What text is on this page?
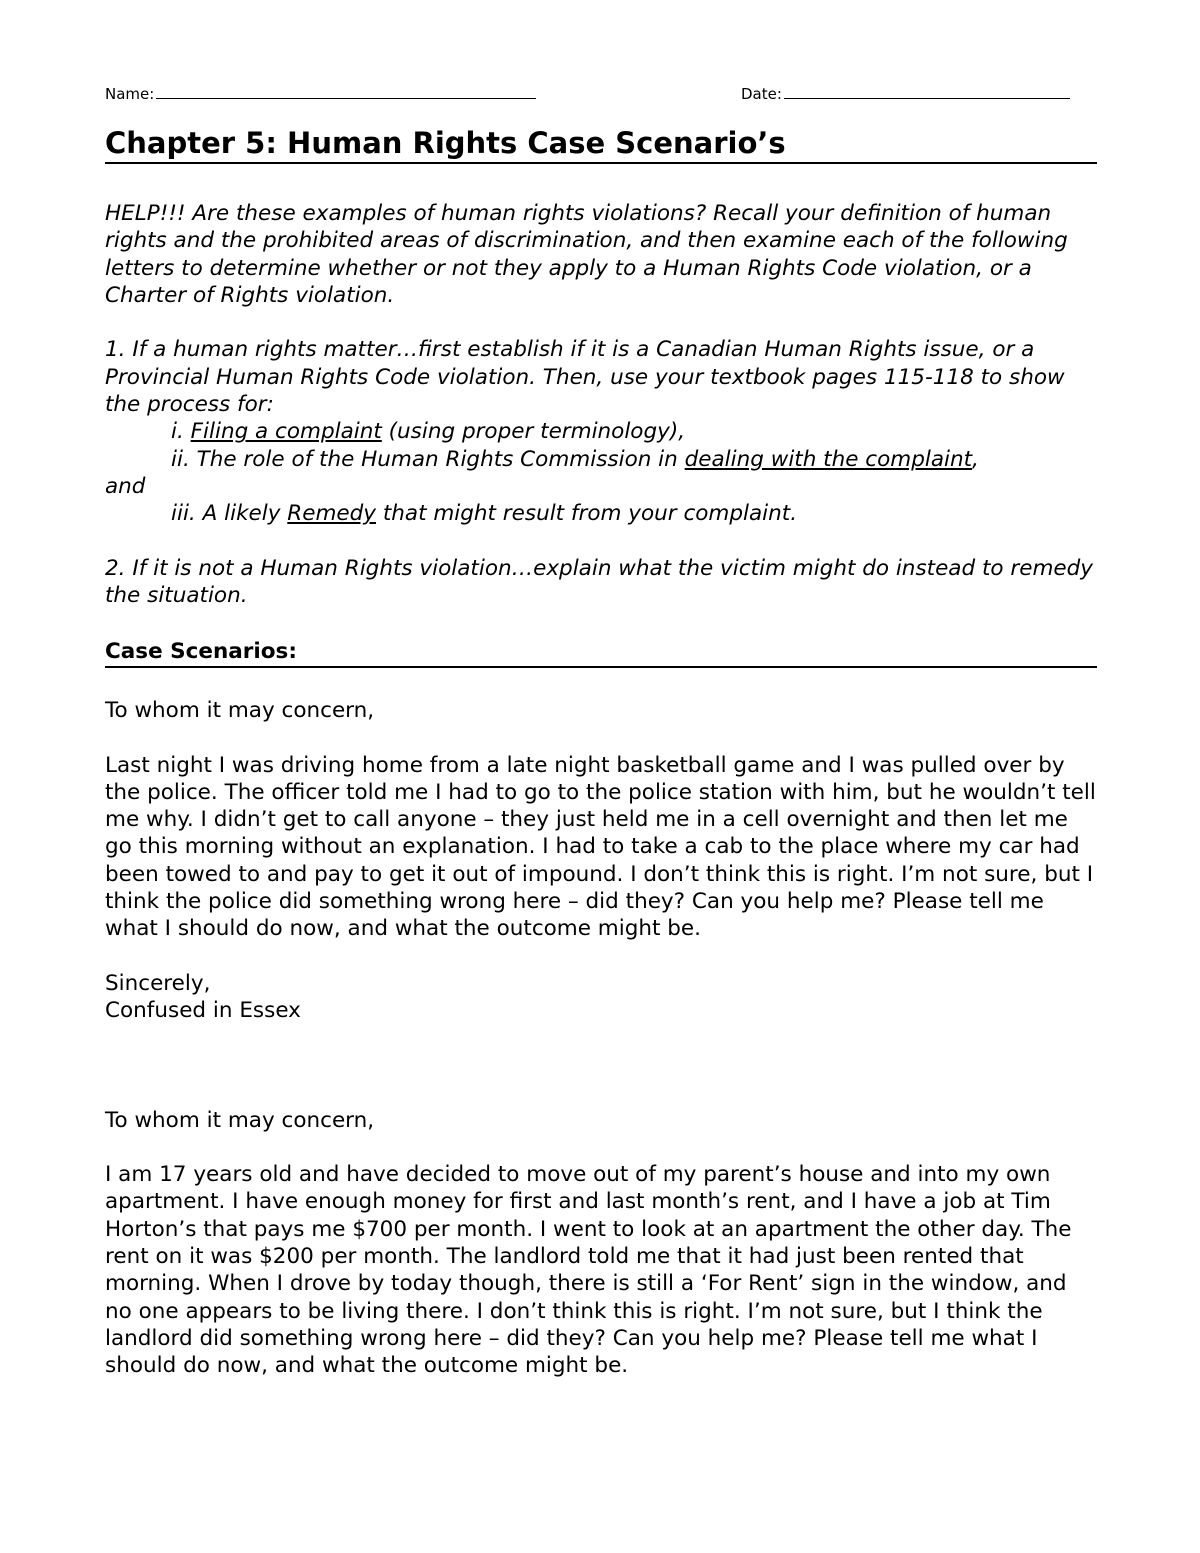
Name:	Date:
Chapter 5: Human Rights Case Scenario’s

HELP!!! Are these examples of human rights violations? Recall your definition of human rights and the prohibited areas of discrimination, and then examine each of the following letters to determine whether or not they apply to a Human Rights Code violation, or a Charter of Rights violation.

1. If a human rights matter…first establish if it is a Canadian Human Rights issue, or a Provincial Human Rights Code violation. Then, use your textbook pages 115-118 to show the process for:

i. Filing a complaint (using proper terminology),

ii. The role of the Human Rights Commission in dealing with the complaint,

and

iii. A likely Remedy that might result from your complaint.

2. If it is not a Human Rights violation…explain what the victim might do instead to remedy the situation.

Case Scenarios:

To whom it may concern,

Last night I was driving home from a late night basketball game and I was pulled over by the police. The officer told me I had to go to the police station with him, but he wouldn’t tell me why. I didn’t get to call anyone – they just held me in a cell overnight and then let me go this morning without an explanation. I had to take a cab to the place where my car had been towed to and pay to get it out of impound. I don’t think this is right. I’m not sure, but I think the police did something wrong here – did they? Can you help me? Please tell me what I should do now, and what the outcome might be.

Sincerely,

Confused in Essex

To whom it may concern,

I am 17 years old and have decided to move out of my parent’s house and into my own apartment. I have enough money for first and last month’s rent, and I have a job at Tim Horton’s that pays me $700 per month. I went to look at an apartment the other day. The rent on it was $200 per month. The landlord told me that it had just been rented that morning. When I drove by today though, there is still a ‘For Rent’ sign in the window, and no one appears to be living there. I don’t think this is right. I’m not sure, but I think the landlord did something wrong here – did they? Can you help me? Please tell me what I should do now, and what the outcome might be.
